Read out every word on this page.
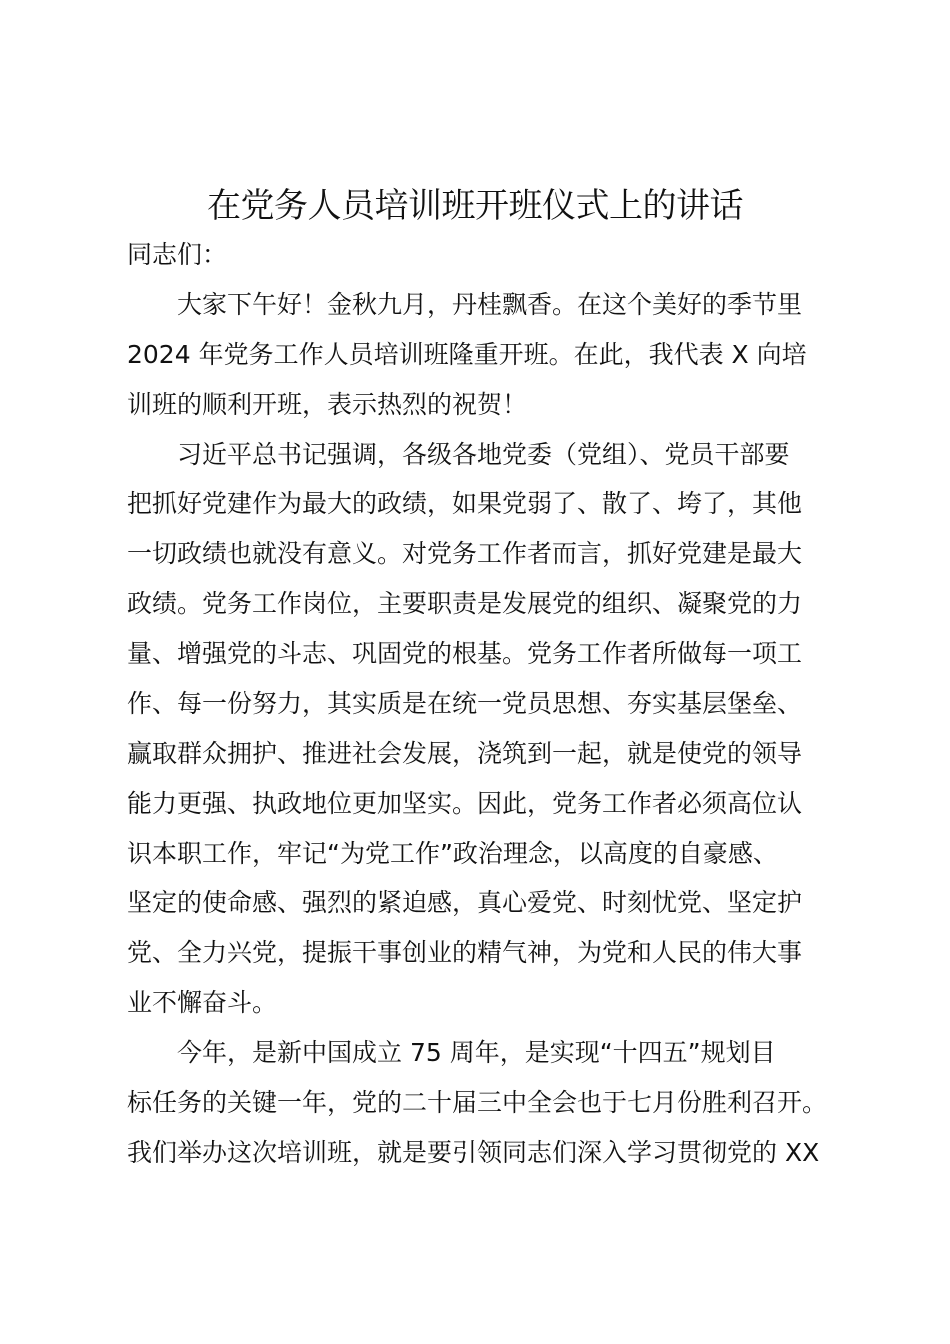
在党务人员培训班开班仪式上的讲话

同志们：

大家下午好！金秋九月，丹桂飘香。在这个美好的季节里

2024 年党务工作人员培训班隆重开班。在此，我代表 X 向培

训班的顺利开班，表示热烈的祝贺！

习近平总书记强调，各级各地党委（党组）、党员干部要

把抓好党建作为最大的政绩，如果党弱了、散了、垮了，其他

一切政绩也就没有意义。对党务工作者而言，抓好党建是最大

政绩。党务工作岗位，主要职责是发展党的组织、凝聚党的力

量、增强党的斗志、巩固党的根基。党务工作者所做每一项工

作、每一份努力，其实质是在统一党员思想、夯实基层堡垒、

赢取群众拥护、推进社会发展，浇筑到一起，就是使党的领导

能力更强、执政地位更加坚实。因此，党务工作者必须高位认

识本职工作，牢记“为党工作”政治理念，以高度的自豪感、

坚定的使命感、强烈的紧迫感，真心爱党、时刻忧党、坚定护

党、全力兴党，提振干事创业的精气神，为党和人民的伟大事

业不懈奋斗。

今年，是新中国成立 75 周年，是实现“十四五”规划目

标任务的关键一年，党的二十届三中全会也于七月份胜利召开。

我们举办这次培训班，就是要引领同志们深入学习贯彻党的 XX
